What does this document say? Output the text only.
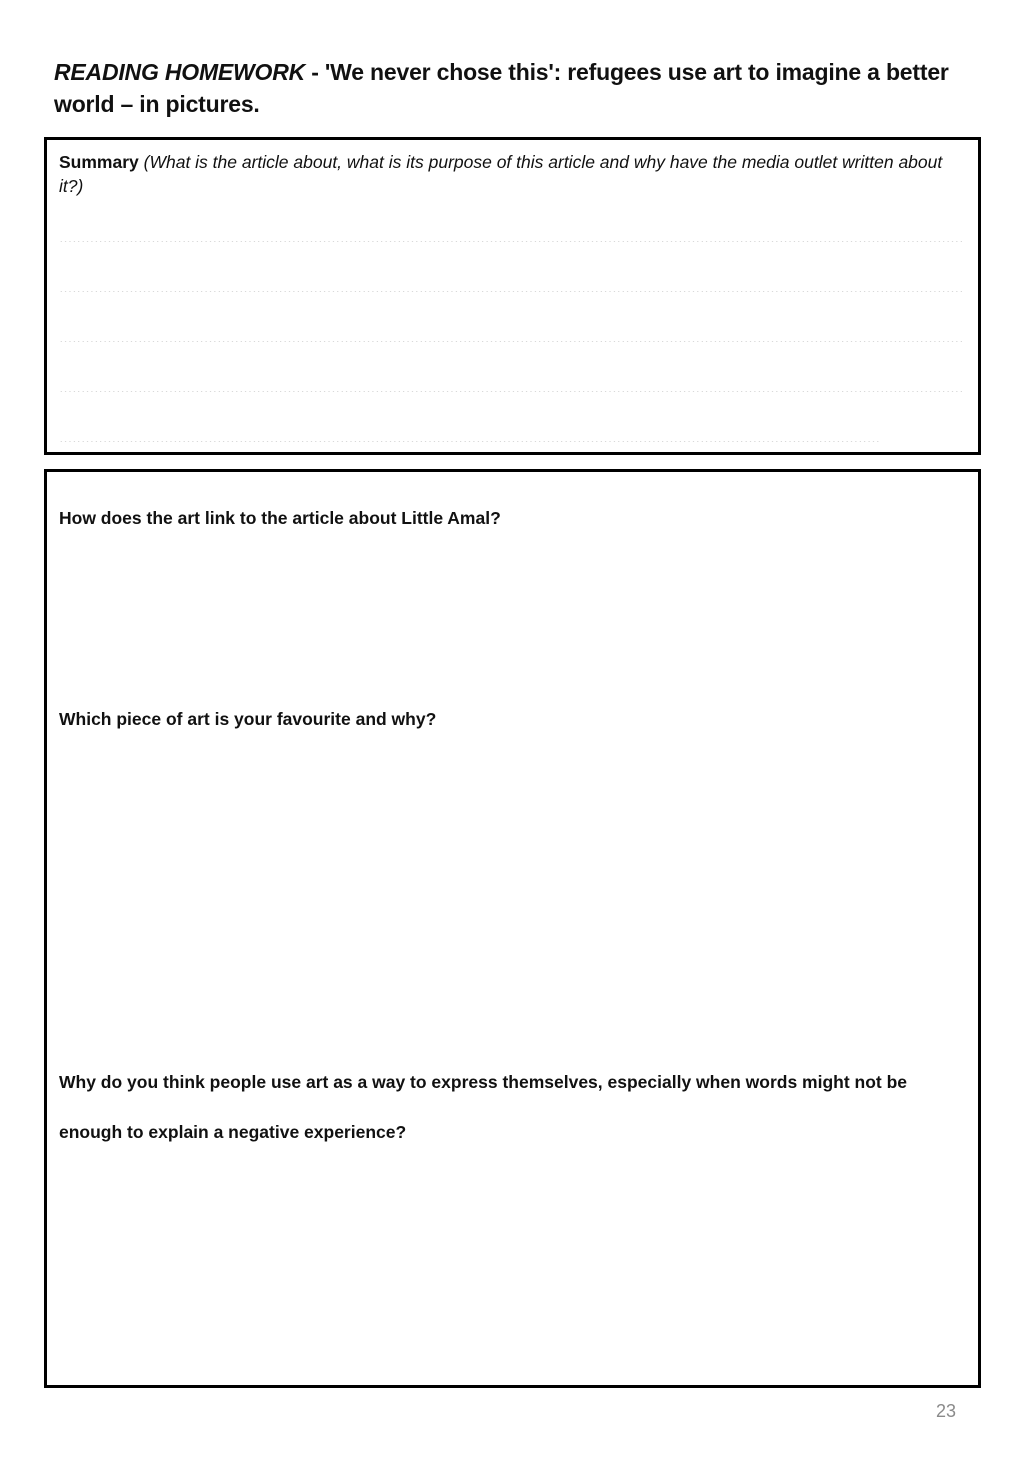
READING HOMEWORK - 'We never chose this': refugees use art to imagine a better world – in pictures.

Summary (What is the article about, what is its purpose of this article and why have the media outlet written about it?)

How does the art link to the article about Little Amal?

Which piece of art is your favourite and why?

Why do you think people use art as a way to express themselves, especially when words might not be enough to explain a negative experience?

23
